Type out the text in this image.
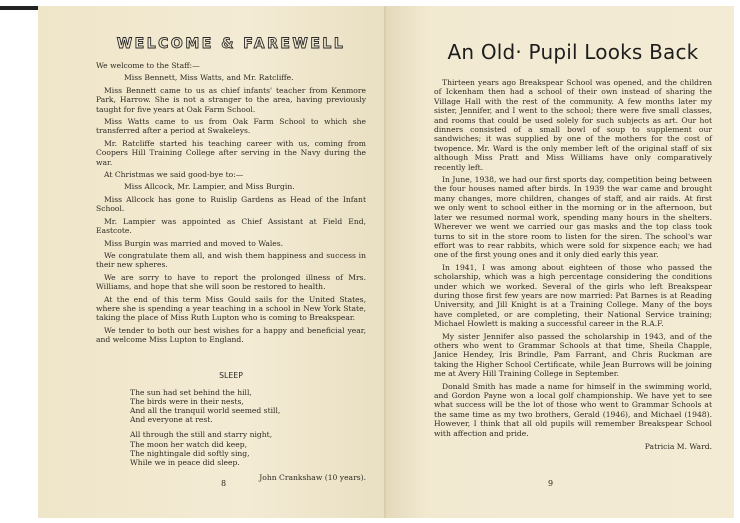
WELCOME & FAREWELL

We welcome to the Staff:—

Miss Bennett, Miss Watts, and Mr. Ratcliffe.

Miss Bennett came to us as chief infants' teacher from Kenmore Park, Harrow. She is not a stranger to the area, having previously taught for five years at Oak Farm School.

Miss Watts came to us from Oak Farm School to which she transferred after a period at Swakeleys.

Mr. Ratcliffe started his teaching career with us, coming from Coopers Hill Training College after serving in the Navy during the war.

At Christmas we said good-bye to:—

Miss Allcock, Mr. Lampier, and Miss Burgin.

Miss Allcock has gone to Ruislip Gardens as Head of the Infant School.

Mr. Lampier was appointed as Chief Assistant at Field End, Eastcote.

Miss Burgin was married and moved to Wales.

We congratulate them all, and wish them happiness and success in their new spheres.

We are sorry to have to report the prolonged illness of Mrs. Williams, and hope that she will soon be restored to health.

At the end of this term Miss Gould sails for the United States, where she is spending a year teaching in a school in New York State, taking the place of Miss Ruth Lupton who is coming to Breakspear.

We tender to both our best wishes for a happy and beneficial year, and welcome Miss Lupton to England.

SLEEP
The sun had set behind the hill,
The birds were in their nests,
And all the tranquil world seemed still,
And everyone at rest.
All through the still and starry night,
The moon her watch did keep,
The nightingale did softly sing,
While we in peace did sleep.
John Crankshaw (10 years).
8
An Old· Pupil Looks Back

Thirteen years ago Breakspear School was opened, and the children of Ickenham then had a school of their own instead of sharing the Village Hall with the rest of the community. A few months later my sister, Jennifer, and I went to the school; there were five small classes, and rooms that could be used solely for such subjects as art. Our hot dinners consisted of a small bowl of soup to supplement our sandwiches; it was supplied by one of the mothers for the cost of twopence. Mr. Ward is the only member left of the original staff of six although Miss Pratt and Miss Williams have only comparatively recently left.

In June, 1938, we had our first sports day, competition being between the four houses named after birds. In 1939 the war came and brought many changes, more children, changes of staff, and air raids. At first we only went to school either in the morning or in the afternoon, but later we resumed normal work, spending many hours in the shelters. Wherever we went we carried our gas masks and the top class took turns to sit in the store room to listen for the siren. The school's war effort was to rear rabbits, which were sold for sixpence each; we had one of the first young ones and it only died early this year.

In 1941, I was among about eighteen of those who passed the scholarship, which was a high percentage considering the conditions under which we worked. Several of the girls who left Breakspear during those first few years are now married: Pat Barnes is at Reading University, and Jill Knight is at a Training College. Many of the boys have completed, or are completing, their National Service training; Michael Howlett is making a successful career in the R.A.F.

My sister Jennifer also passed the scholarship in 1943, and of the others who went to Grammar Schools at that time, Sheila Chapple, Janice Hendey, Iris Brindle, Pam Farrant, and Chris Ruckman are taking the Higher School Certificate, while Jean Burrows will be joining me at Avery Hill Training College in September.

Donald Smith has made a name for himself in the swimming world, and Gordon Payne won a local golf championship. We have yet to see what success will be the lot of those who went to Grammar Schools at the same time as my two brothers, Gerald (1946), and Michael (1948). However, I think that all old pupils will remember Breakspear School with affection and pride.

Patricia M. Ward.
9
